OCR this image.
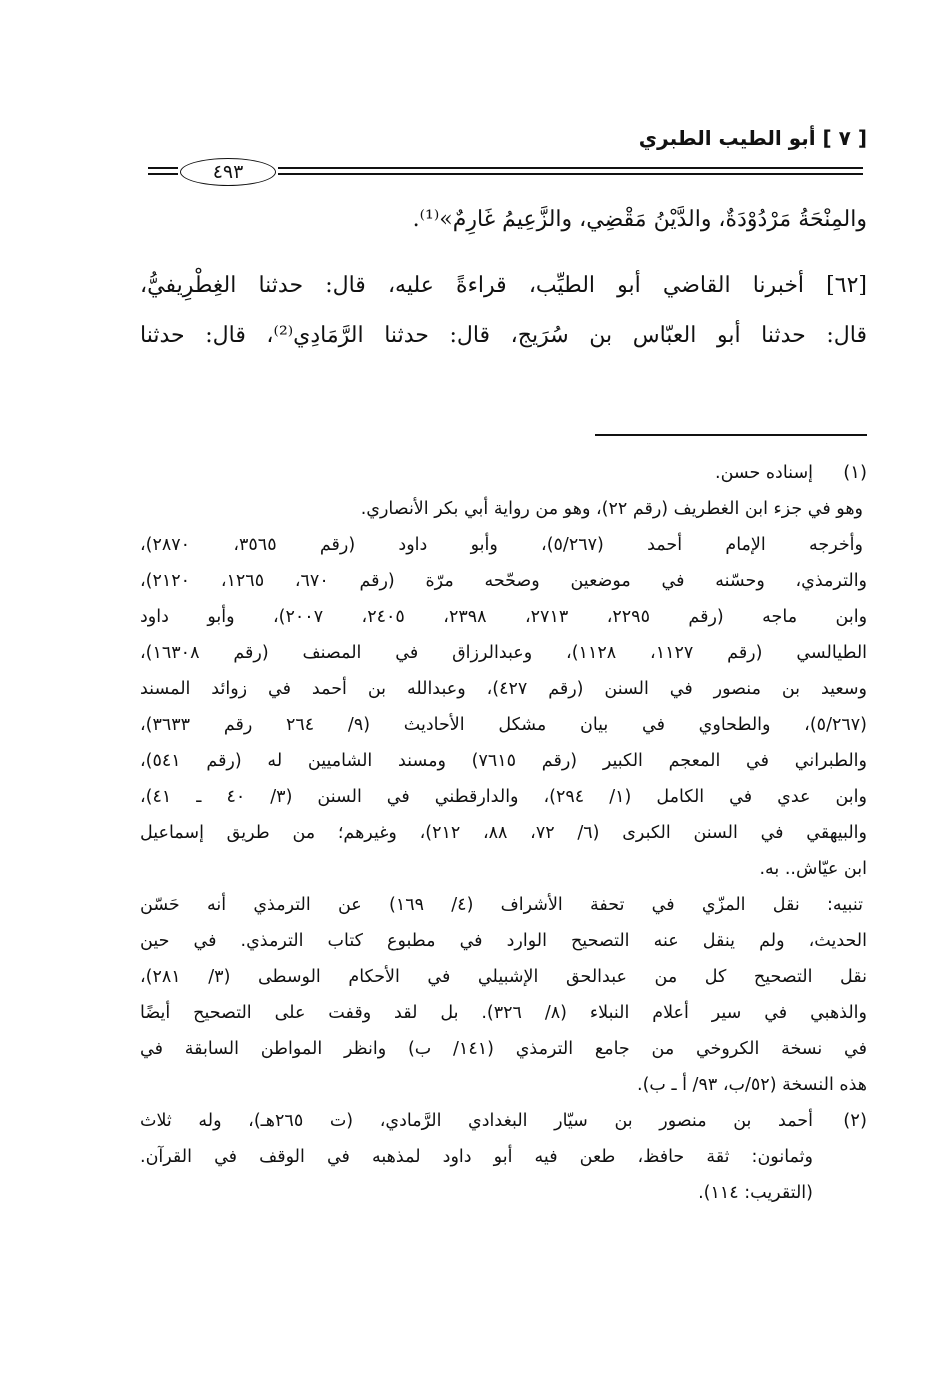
[ ٧ ] أبو الطيب الطبري
٤٩٣
والمِنْحَةُ مَرْدُوْدَةٌ، والدَّيْنُ مَقْضِي، والزَّعِيمُ غَارِمٌ»⁽¹⁾.
[٦٢] أخبرنا القاضي أبو الطيِّب، قراءةً عليه، قال: حدثنا الغِطْرِيفيُّ،
قال: حدثنا أبو العبّاس بن سُرَيج، قال: حدثنا الرَّمَادِي⁽²⁾، قال: حدثنا
(١)
إسناده حسن.
وهو في جزء ابن الغطريف (رقم ٢٢)، وهو من رواية أبي بكر الأنصاري.
وأخرجه الإمام أحمد (٥/٢٦٧)، وأبو داود (رقم ٣٥٦٥، ٢٨٧٠)،
والترمذي، وحسّنه في موضعين وصحّحه مرّة (رقم ٦٧٠، ١٢٦٥، ٢١٢٠)،
وابن ماجه (رقم ٢٢٩٥، ٢٧١٣، ٢٣٩٨، ٢٤٠٥، ٢٠٠٧)، وأبو داود
الطيالسي (رقم ١١٢٧، ١١٢٨)، وعبدالرزاق في المصنف (رقم ١٦٣٠٨)،
وسعيد بن منصور في السنن (رقم ٤٢٧)، وعبدالله بن أحمد في زوائد المسند
(٥/٢٦٧)، والطحاوي في بيان مشكل الأحاديث (٩/ ٢٦٤ رقم ٣٦٣٣)،
والطبراني في المعجم الكبير (رقم ٧٦١٥) ومسند الشاميين له (رقم ٥٤١)،
وابن عدي في الكامل (١/ ٢٩٤)، والدارقطني في السنن (٣/ ٤٠ ـ ٤١)،
والبيهقي في السنن الكبرى (٦/ ٧٢، ٨٨، ٢١٢)، وغيرهم؛ من طريق إسماعيل
ابن عيّاش.. به.
تنبيه: نقل المزّي في تحفة الأشراف (٤/ ١٦٩) عن الترمذي أنه حَسّن
الحديث، ولم ينقل عنه التصحيح الوارد في مطبوع كتاب الترمذي. في حين
نقل التصحيح كل من عبدالحق الإشبيلي في الأحكام الوسطى (٣/ ٢٨١)،
والذهبي في سير أعلام النبلاء (٨/ ٣٢٦). بل لقد وقفت على التصحيح أيضًا
في نسخة الكروخي من جامع الترمذي (١٤١/ ب) وانظر المواطن السابقة في
هذه النسخة (٥٢/ب، ٩٣/ أ ـ ب).
(٢)
أحمد بن منصور بن سيّار البغدادي الرَّمادي، (ت ٢٦٥هـ)، وله ثلاث
وثمانون: ثقة حافظ، طعن فيه أبو داود لمذهبه في الوقف في القرآن.
(التقريب: ١١٤).
